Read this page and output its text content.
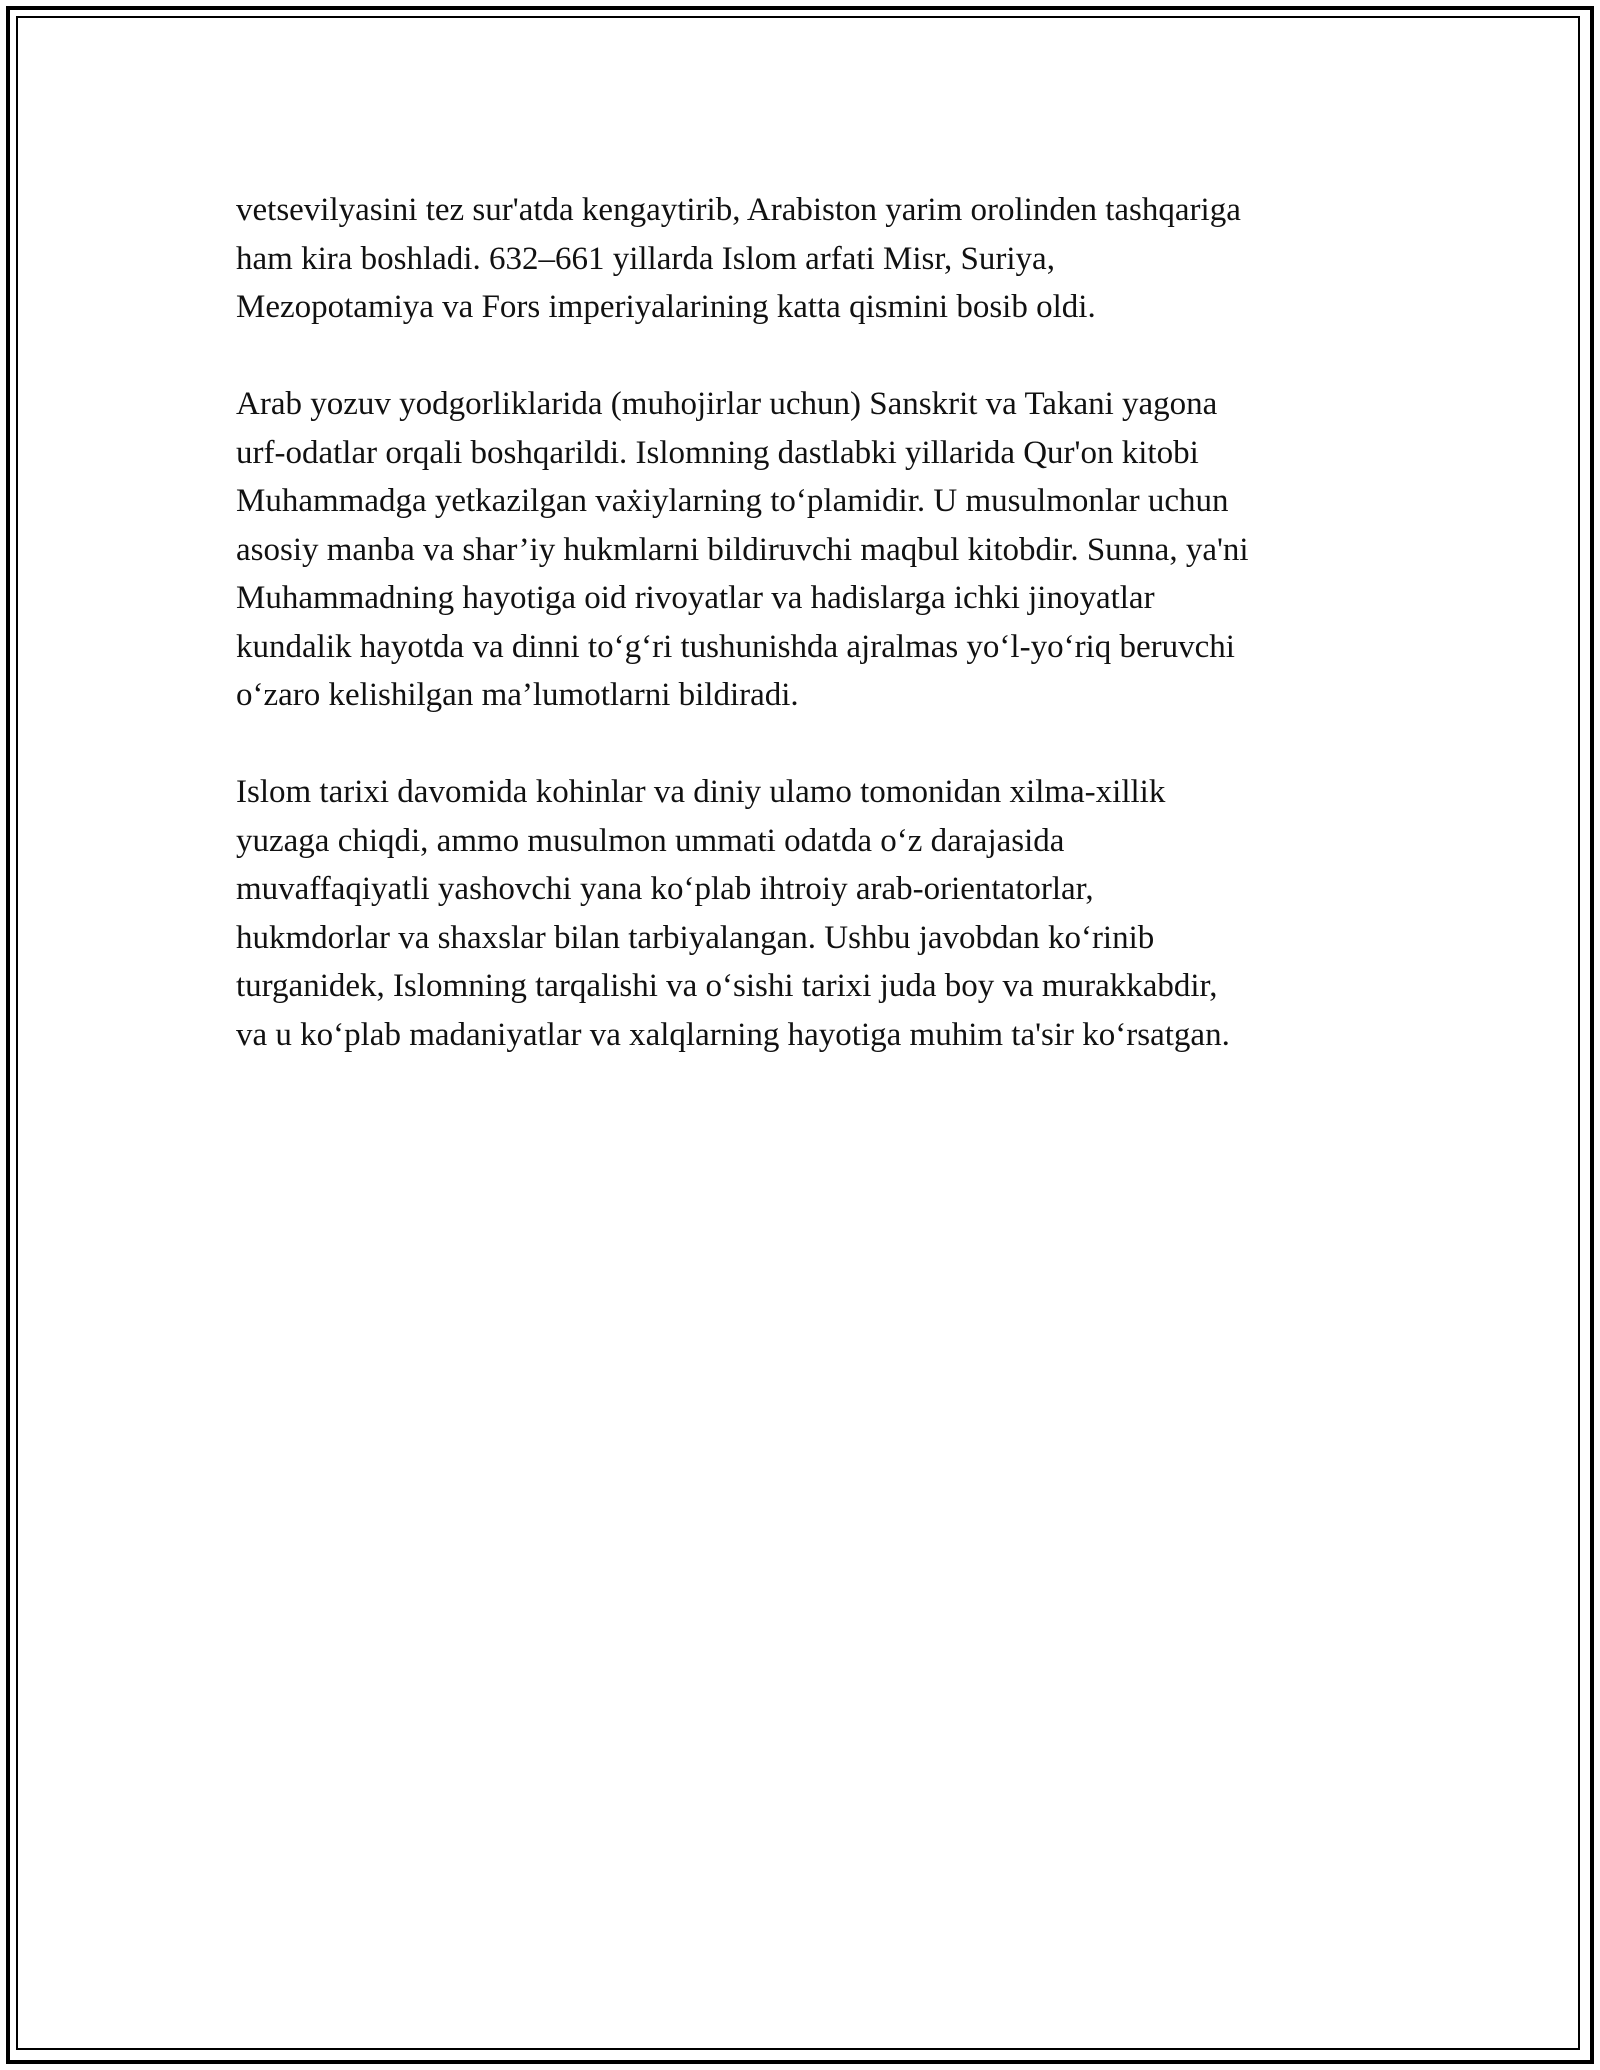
vetsevilyasini tez sur'atda kengaytirib, Arabiston yarim orolinden tashqariga
ham kira boshladi. 632–661 yillarda Islom arfati Misr, Suriya,
Mezopotamiya va Fors imperiyalarining katta qismini bosib oldi.

Arab yozuv yodgorliklarida (muhojirlar uchun) Sanskrit va Takani yagona
urf-odatlar orqali boshqarildi. Islomning dastlabki yillarida Qur'on kitobi
Muhammadga yetkazilgan vaẋiylarning to‘plamidir. U musulmonlar uchun
asosiy manba va shar’iy hukmlarni bildiruvchi maqbul kitobdir. Sunna, ya'ni
Muhammadning hayotiga oid rivoyatlar va hadislarga ichki jinoyatlar
kundalik hayotda va dinni to‘g‘ri tushunishda ajralmas yo‘l-yo‘riq beruvchi
o‘zaro kelishilgan ma’lumotlarni bildiradi.

Islom tarixi davomida kohinlar va diniy ulamo tomonidan xilma-xillik
yuzaga chiqdi, ammo musulmon ummati odatda o‘z darajasida
muvaffaqiyatli yashovchi yana ko‘plab ihtroiy arab-orientatorlar,
hukmdorlar va shaxslar bilan tarbiyalangan. Ushbu javobdan ko‘rinib
turganidek, Islomning tarqalishi va o‘sishi tarixi juda boy va murakkabdir,
va u ko‘plab madaniyatlar va xalqlarning hayotiga muhim ta'sir ko‘rsatgan.
